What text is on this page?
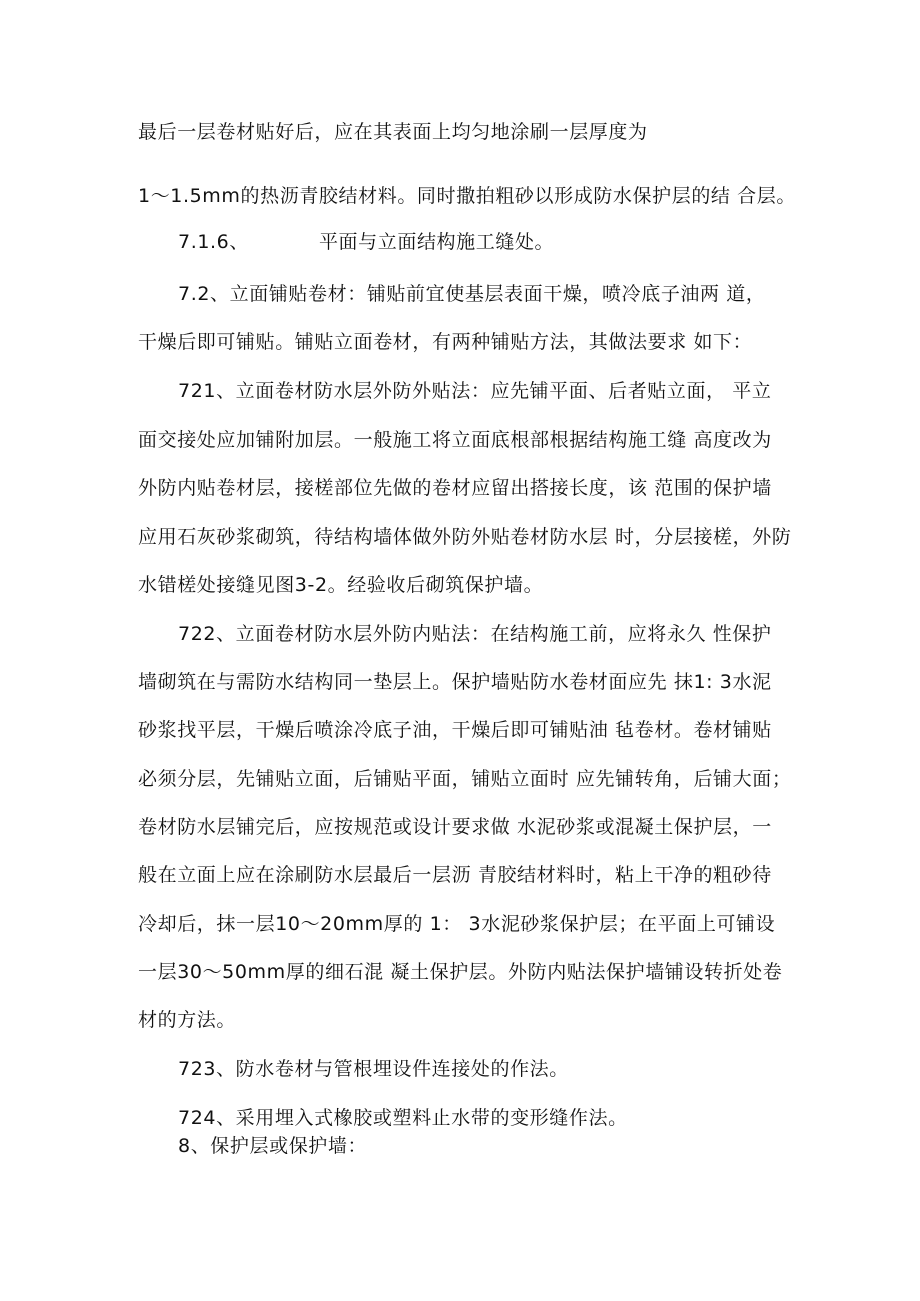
最后一层卷材贴好后，应在其表面上均匀地涂刷一层厚度为
1～1.5mm的热沥青胶结材料。同时撒拍粗砂以形成防水保护层的结 合层。
7.1.6、	平面与立面结构施工缝处。
7.2、立面铺贴卷材：铺贴前宜使基层表面干燥，喷冷底子油两 道，
干燥后即可铺贴。铺贴立面卷材，有两种铺贴方法，其做法要求 如下：
721、立面卷材防水层外防外贴法：应先铺平面、后者贴立面， 平立
面交接处应加铺附加层。一般施工将立面底根部根据结构施工缝 高度改为
外防内贴卷材层，接槎部位先做的卷材应留出搭接长度，该 范围的保护墙
应用石灰砂浆砌筑，待结构墙体做外防外贴卷材防水层 时，分层接槎，外防
水错槎处接缝见图3-2。经验收后砌筑保护墙。
722、立面卷材防水层外防内贴法：在结构施工前，应将永久 性保护
墙砌筑在与需防水结构同一垫层上。保护墙贴防水卷材面应先 抹1: 3水泥
砂浆找平层，干燥后喷涂冷底子油，干燥后即可铺贴油 毡卷材。卷材铺贴
必须分层，先铺贴立面，后铺贴平面，铺贴立面时 应先铺转角，后铺大面；
卷材防水层铺完后，应按规范或设计要求做 水泥砂浆或混凝土保护层，一
般在立面上应在涂刷防水层最后一层沥 青胶结材料时，粘上干净的粗砂待
冷却后，抹一层10～20mm厚的 1： 3水泥砂浆保护层；在平面上可铺设
一层30～50mm厚的细石混 凝土保护层。外防内贴法保护墙铺设转折处卷
材的方法。
723、防水卷材与管根埋设件连接处的作法。
724、采用埋入式橡胶或塑料止水带的变形缝作法。
8、保护层或保护墙：
